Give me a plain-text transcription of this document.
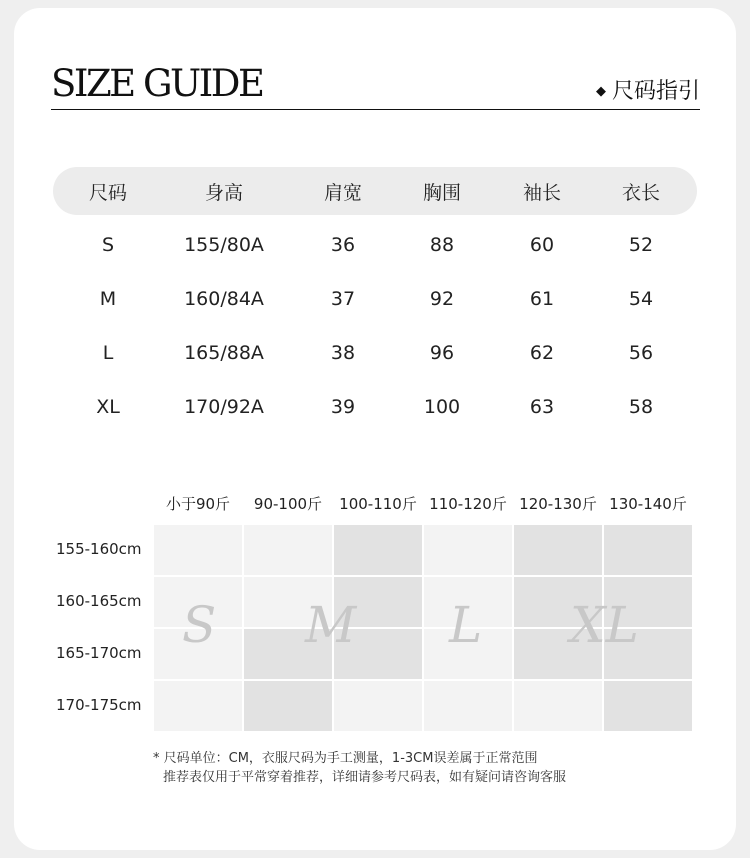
SIZE GUIDE	◆ 尺码指引
尺码	身高	肩宽	胸围	袖长	衣长
S	155/80A	36	88	60	52
M	160/84A	37	92	61	54
L	165/88A	38	96	62	56
XL	170/92A	39	100	63	58
小于90斤	90-100斤	100-110斤 110-120斤 120-130斤 130-140斤
155-160cm
160-165cm
165-170cm
170-175cm
S M L XL
* 尺码单位：CM，衣服尺码为手工测量，1-3CM误差属于正常范围
推荐表仅用于平常穿着推荐，详细请参考尺码表，如有疑问请咨询客服
